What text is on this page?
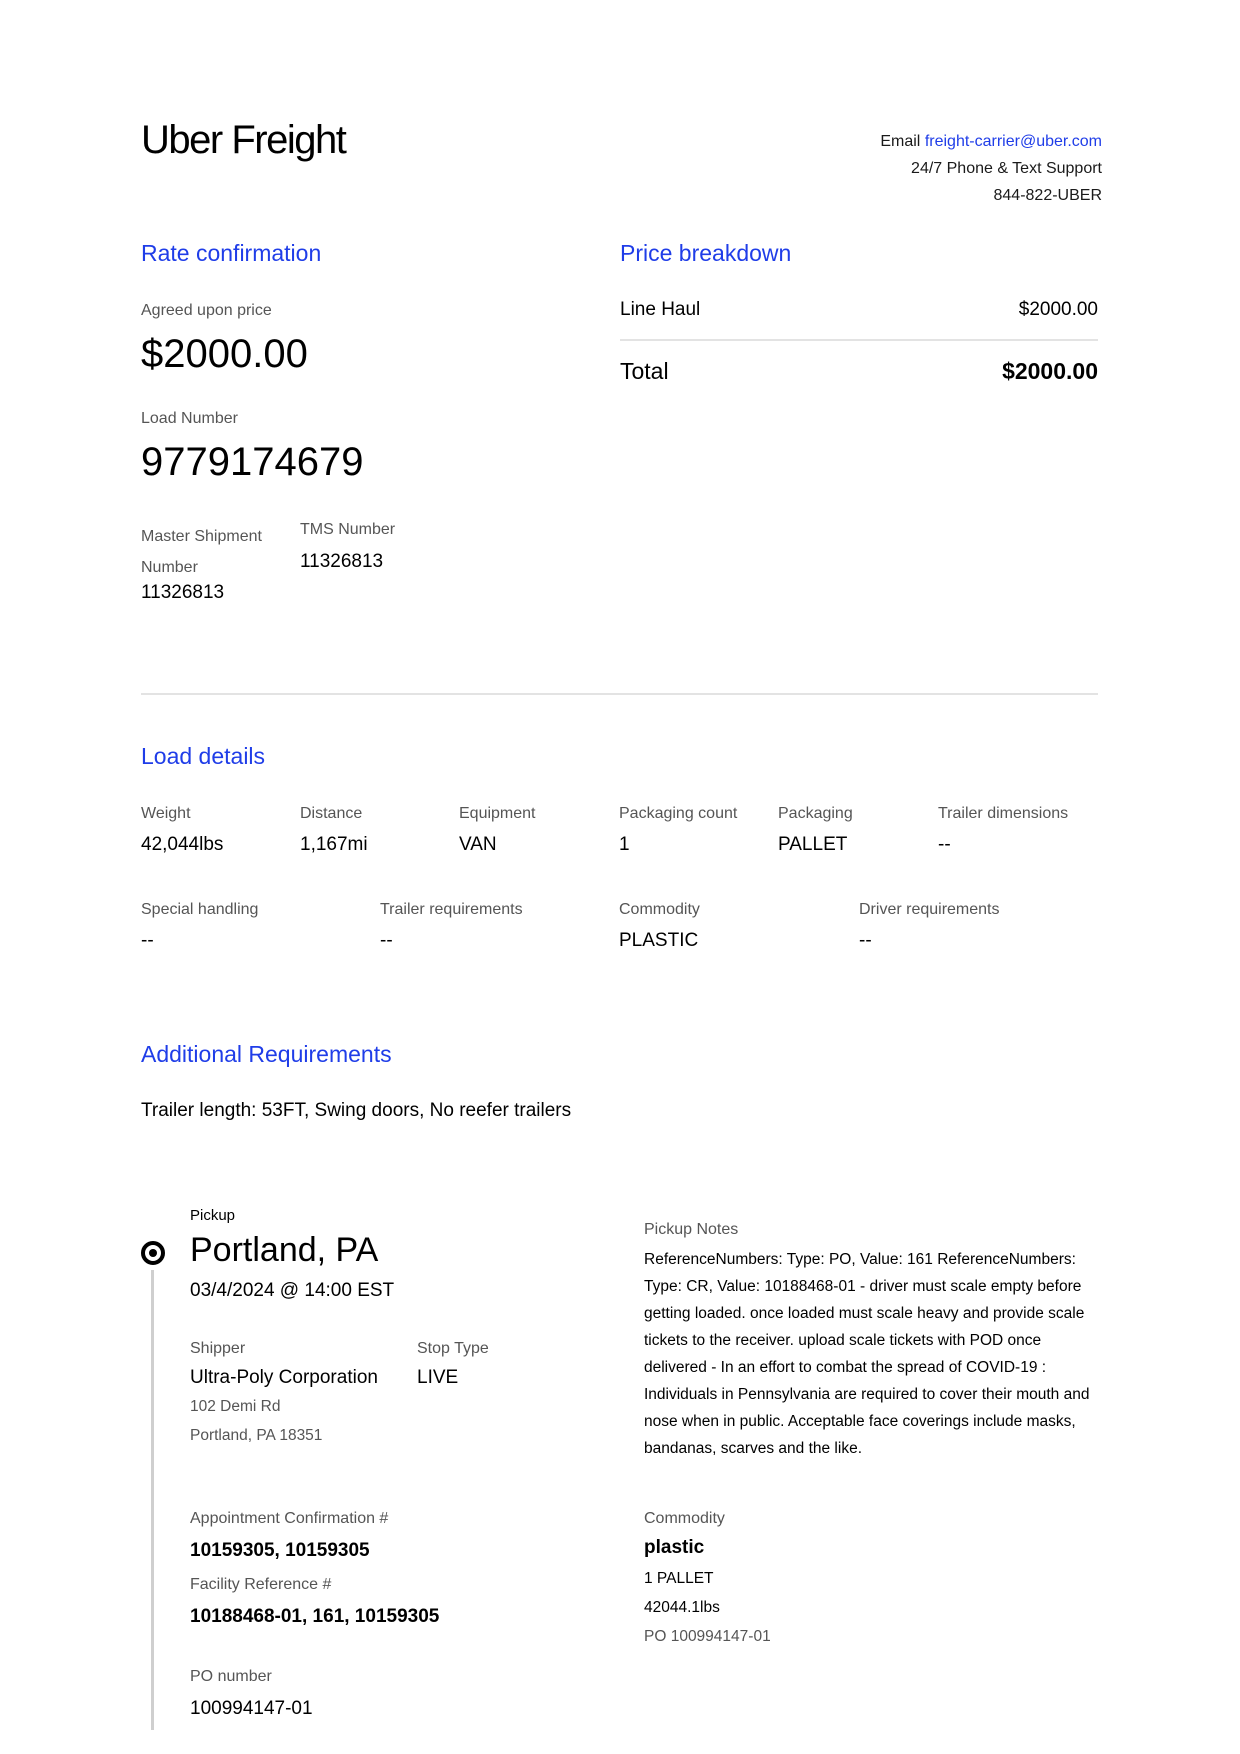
Uber Freight	Email freight-carrier@uber.com
24/7 Phone & Text Support
844-822-UBER
Rate confirmation
Agreed upon price
$2000.00
Load Number
9779174679
Master Shipment
Number
11326813
TMS Number
11326813
Price breakdown
Line Haul	$2000.00
Total	$2000.00
Load details
Weight
42,044lbs
Distance
1,167mi
Equipment
VAN
Packaging count
1
Packaging
PALLET
Trailer dimensions
--
Special handling
--
Trailer requirements
--
Commodity
PLASTIC
Driver requirements
--
Additional Requirements
Trailer length: 53FT, Swing doors, No reefer trailers
Pickup
Portland, PA
03/4/2024 @ 14:00 EST
Shipper
Ultra-Poly Corporation
102 Demi Rd
Portland, PA 18351
Stop Type
LIVE
Pickup Notes
ReferenceNumbers: Type: PO, Value: 161 ReferenceNumbers: Type: CR, Value: 10188468-01 - driver must scale empty before getting loaded. once loaded must scale heavy and provide scale tickets to the receiver. upload scale tickets with POD once delivered - In an effort to combat the spread of COVID-19 : Individuals in Pennsylvania are required to cover their mouth and nose when in public. Acceptable face coverings include masks, bandanas, scarves and the like.
Appointment Confirmation #
10159305, 10159305
Facility Reference #
10188468-01, 161, 10159305
PO number
100994147-01
Commodity
plastic
1 PALLET
42044.1lbs
PO 100994147-01
